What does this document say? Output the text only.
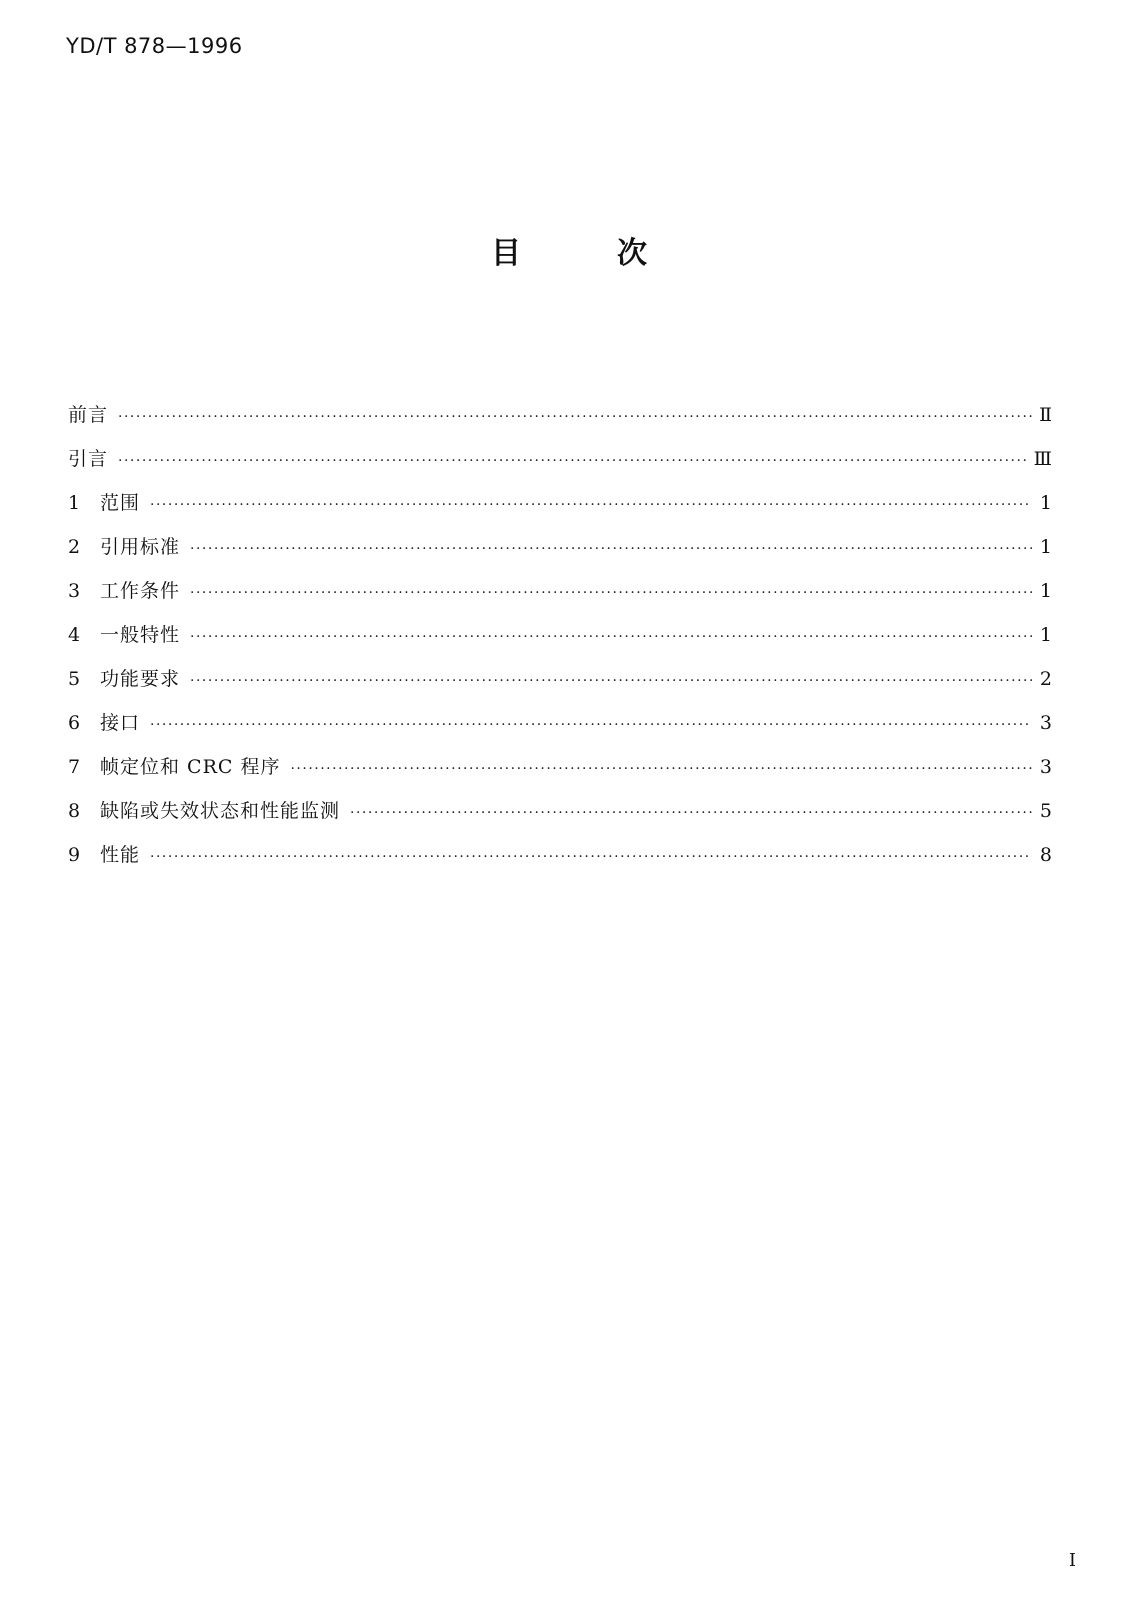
YD/T 878—1996
目	次
前言 ·····	Ⅱ
引言 ·····	Ⅲ
1	范围 ·····	1
2	引用标准 ·····	1
3	工作条件 ·····	1
4	一般特性 ·····	1
5	功能要求 ·····	2
6	接口 ·····	3
7	帧定位和 CRC 程序 ·····	3
8	缺陷或失效状态和性能监测 ·····	5
9	性能 ·····	8
I
